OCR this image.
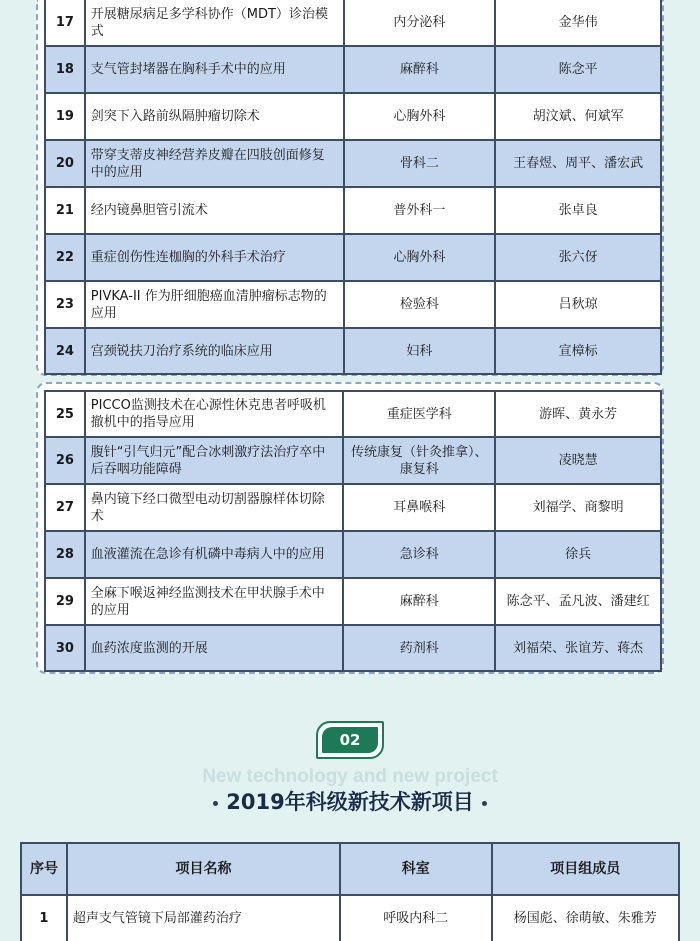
17	开展糖尿病足多学科协作（MDT）诊治模式	内分泌科	金华伟
18	支气管封堵器在胸科手术中的应用	麻醉科	陈念平
19	剑突下入路前纵隔肿瘤切除术	心胸外科	胡汶斌、何斌军
20	带穿支蒂皮神经营养皮瓣在四肢创面修复中的应用	骨科二	王春煜、周平、潘宏武
21	经内镜鼻胆管引流术	普外科一	张卓良
22	重症创伤性连枷胸的外科手术治疗	心胸外科	张六伢
23	PIVKA-II 作为肝细胞癌血清肿瘤标志物的应用	检验科	吕秋琼
24	宫颈锐扶刀治疗系统的临床应用	妇科	宣樟标
25	PICCO监测技术在心源性休克患者呼吸机撤机中的指导应用	重症医学科	游晖、黄永芳
26	腹针“引气归元”配合冰刺激疗法治疗卒中后吞咽功能障碍	传统康复（针灸推拿）、康复科	凌晓慧
27	鼻内镜下经口微型电动切割器腺样体切除术	耳鼻喉科	刘福学、商黎明
28	血液灌流在急诊有机磷中毒病人中的应用	急诊科	徐兵
29	全麻下喉返神经监测技术在甲状腺手术中的应用	麻醉科	陈念平、孟凡波、潘建红
30	血药浓度监测的开展	药剂科	刘福荣、张谊芳、蒋杰
02
New technology and new project
2019年科级新技术新项目
序号	项目名称	科室	项目组成员
1	超声支气管镜下局部灌药治疗	呼吸内科二	杨国彪、徐萌敏、朱雅芳
